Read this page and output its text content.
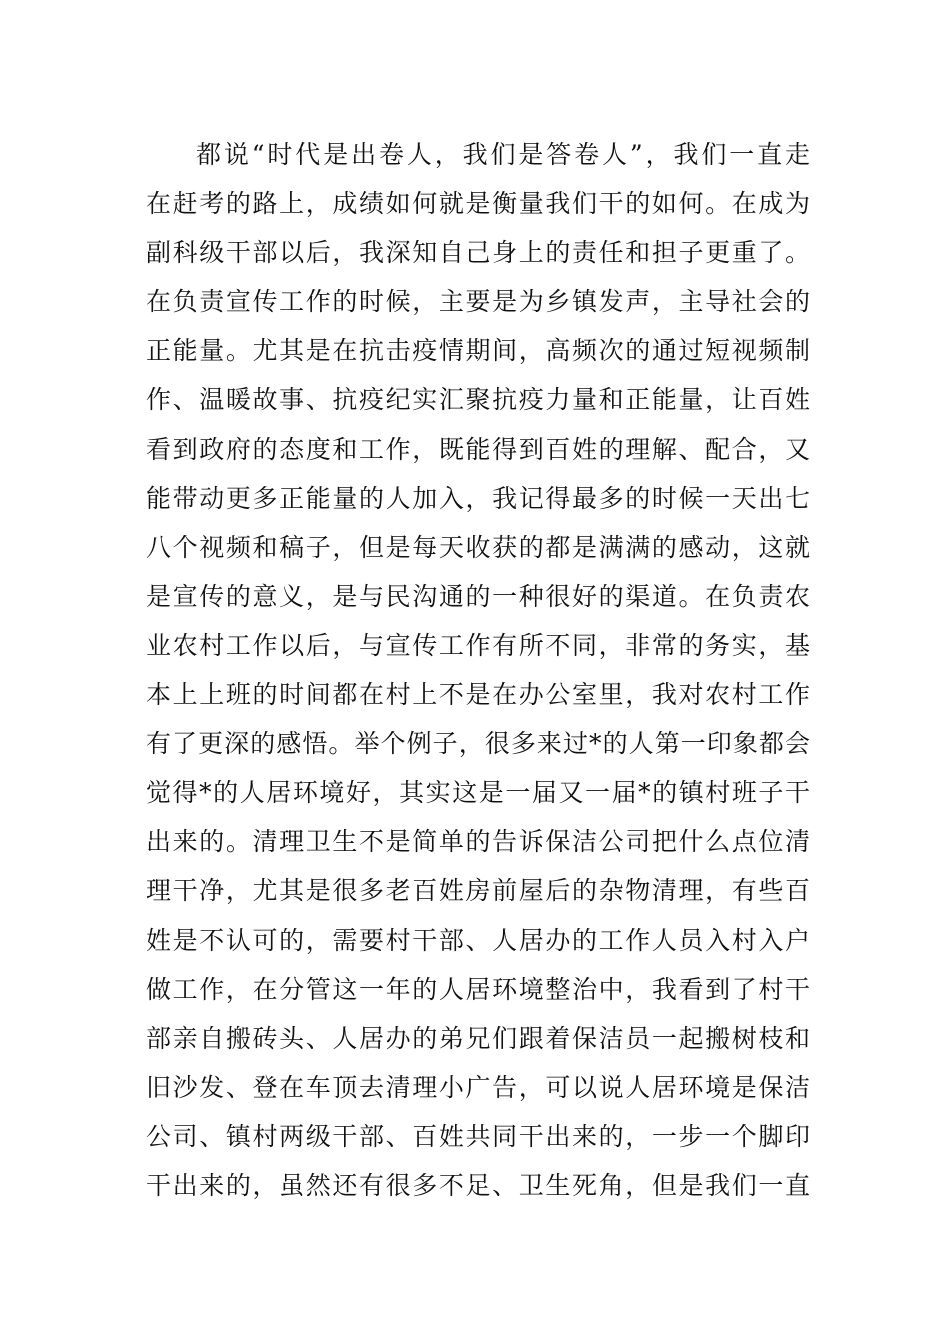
都说“时代是出卷人，我们是答卷人”，我们一直走
在赶考的路上，成绩如何就是衡量我们干的如何。在成为
副科级干部以后，我深知自己身上的责任和担子更重了。
在负责宣传工作的时候，主要是为乡镇发声，主导社会的
正能量。尤其是在抗击疫情期间，高频次的通过短视频制
作、温暖故事、抗疫纪实汇聚抗疫力量和正能量，让百姓
看到政府的态度和工作，既能得到百姓的理解、配合，又
能带动更多正能量的人加入，我记得最多的时候一天出七
八个视频和稿子，但是每天收获的都是满满的感动，这就
是宣传的意义，是与民沟通的一种很好的渠道。在负责农
业农村工作以后，与宣传工作有所不同，非常的务实，基
本上上班的时间都在村上不是在办公室里，我对农村工作
有了更深的感悟。举个例子，很多来过*的人第一印象都会
觉得*的人居环境好，其实这是一届又一届*的镇村班子干
出来的。清理卫生不是简单的告诉保洁公司把什么点位清
理干净，尤其是很多老百姓房前屋后的杂物清理，有些百
姓是不认可的，需要村干部、人居办的工作人员入村入户
做工作，在分管这一年的人居环境整治中，我看到了村干
部亲自搬砖头、人居办的弟兄们跟着保洁员一起搬树枝和
旧沙发、登在车顶去清理小广告，可以说人居环境是保洁
公司、镇村两级干部、百姓共同干出来的，一步一个脚印
干出来的，虽然还有很多不足、卫生死角，但是我们一直
